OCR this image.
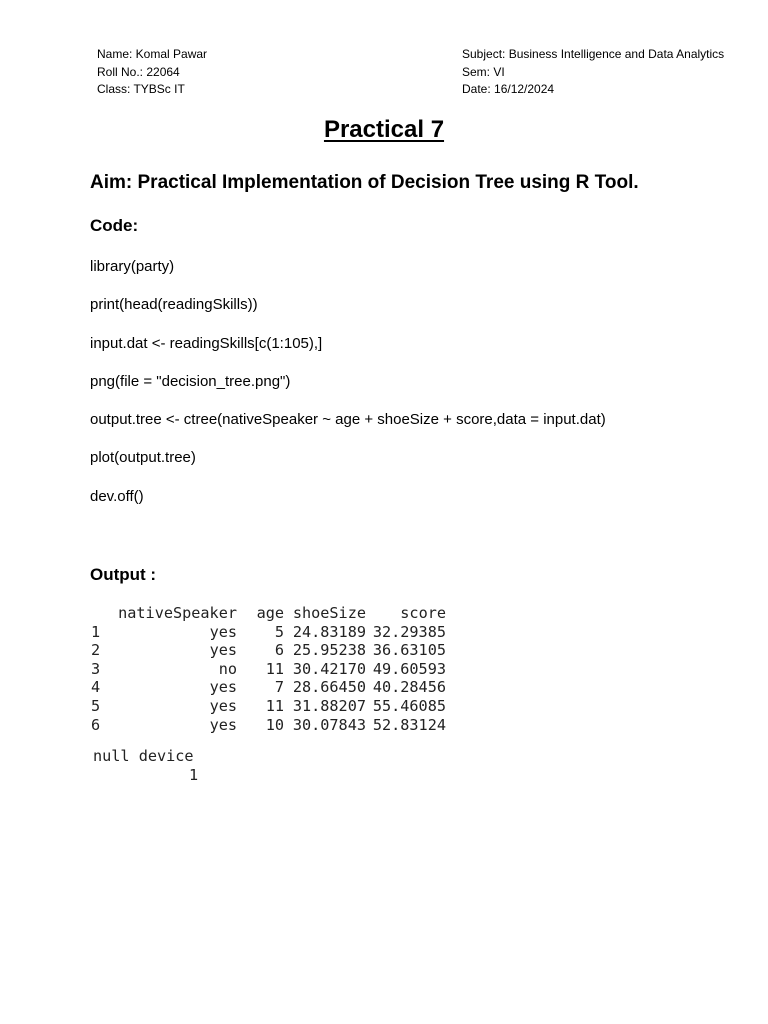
Name: Komal Pawar
Roll No.: 22064
Class: TYBSc IT
Subject: Business Intelligence and Data Analytics
Sem: VI
Date: 16/12/2024
Practical 7
Aim: Practical Implementation of Decision Tree using R Tool.
Code:
library(party)
print(head(readingSkills))
input.dat <- readingSkills[c(1:105),]
png(file = "decision_tree.png")
output.tree <- ctree(nativeSpeaker ~ age + shoeSize + score,data = input.dat)
plot(output.tree)
dev.off()
Output :
	nativeSpeaker	age	shoeSize	score
1	yes	5	24.83189	32.29385
2	yes	6	25.95238	36.63105
3	no	11	30.42170	49.60593
4	yes	7	28.66450	40.28456
5	yes	11	31.88207	55.46085
6	yes	10	30.07843	52.83124
null device
1
